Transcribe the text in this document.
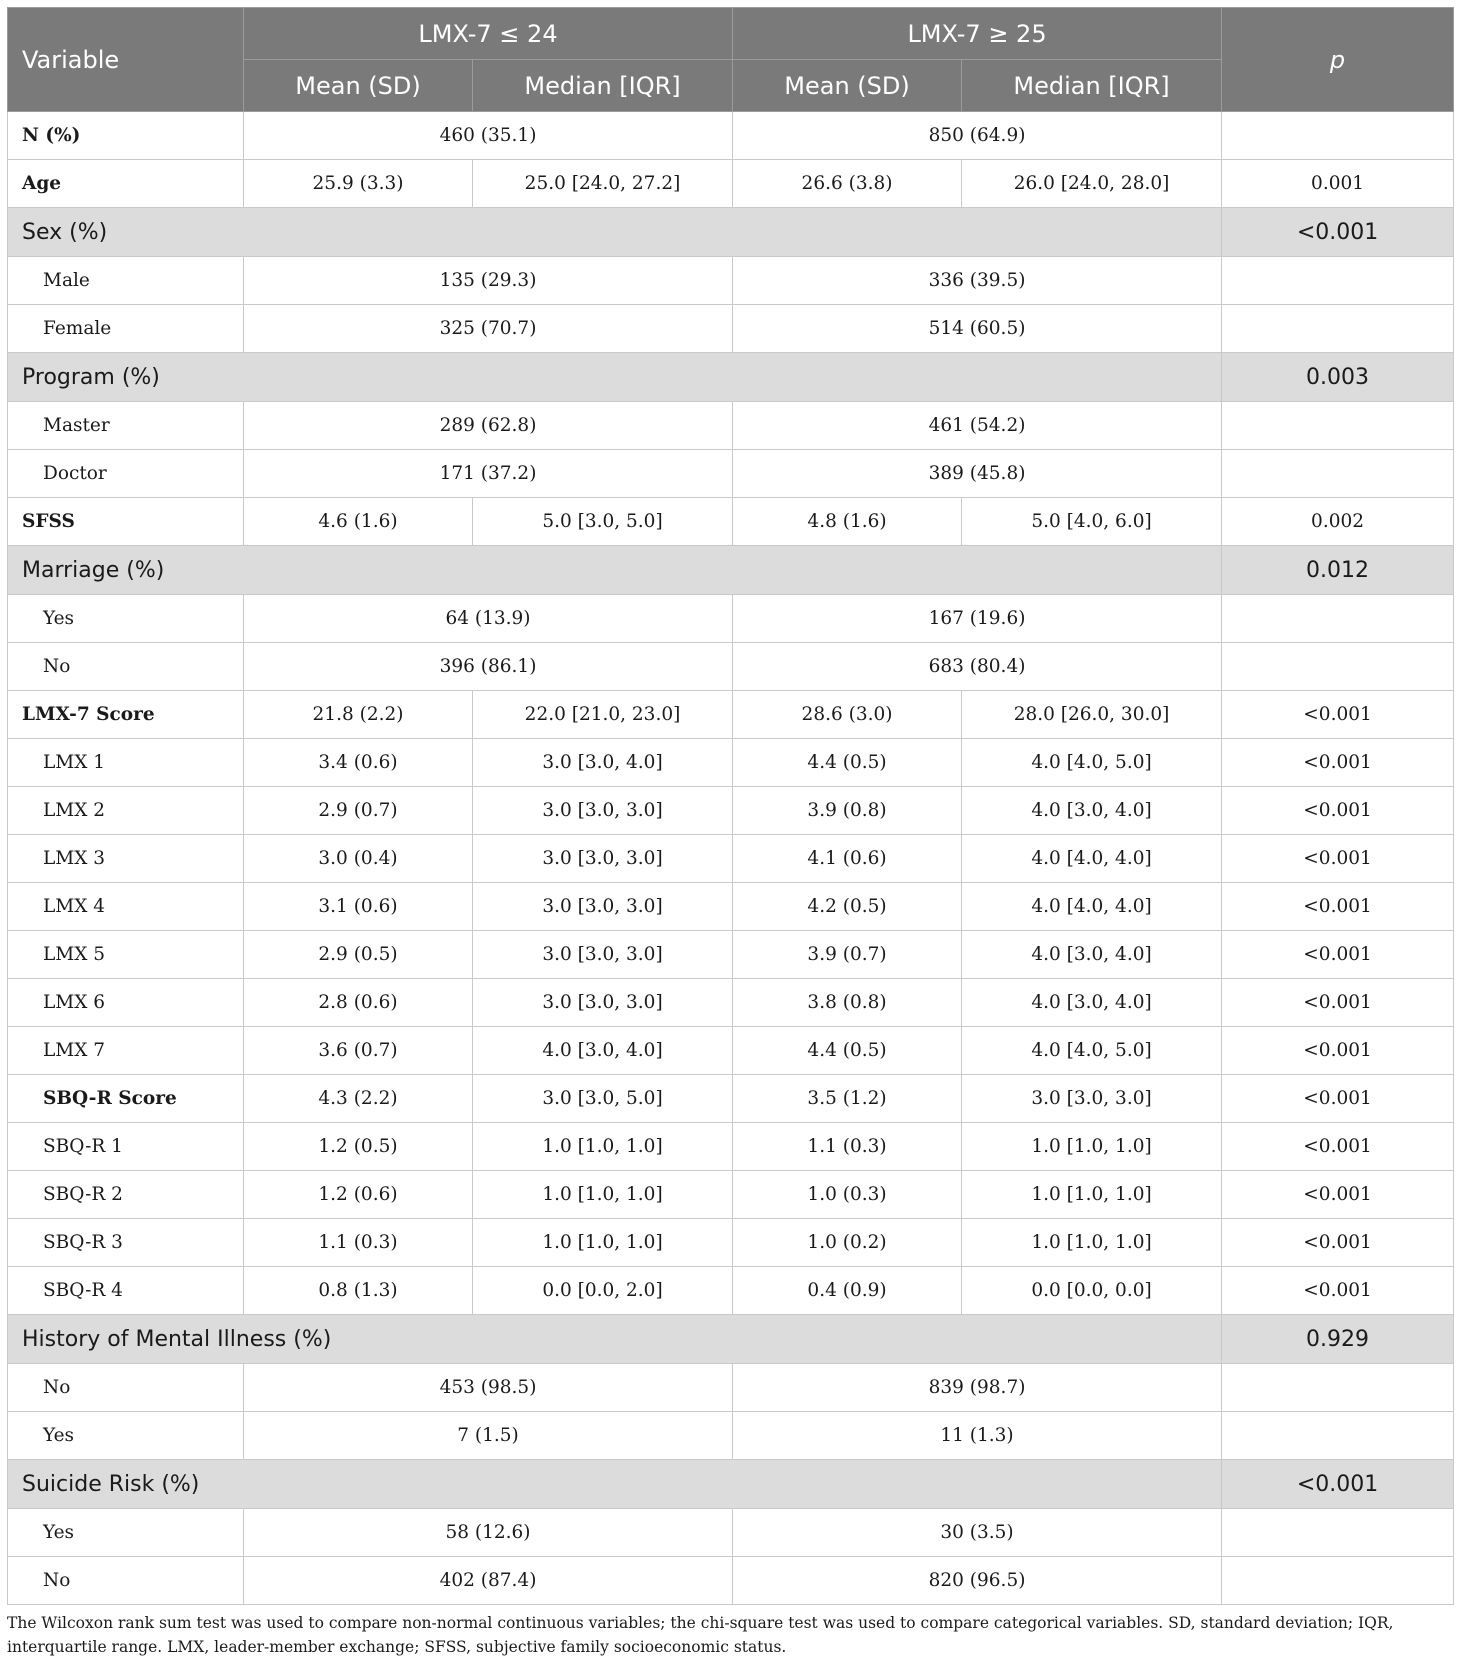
Variable	LMX-7 ≤ 24		LMX-7 ≥ 25		p
	Mean (SD)	Median [IQR]	Mean (SD)	Median [IQR]	
N (%)	460 (35.1)		850 (64.9)		
Age	25.9 (3.3)	25.0 [24.0, 27.2]	26.6 (3.8)	26.0 [24.0, 28.0]	0.001
Sex (%)					<0.001
Male	135 (29.3)		336 (39.5)		
Female	325 (70.7)		514 (60.5)		
Program (%)					0.003
Master	289 (62.8)		461 (54.2)		
Doctor	171 (37.2)		389 (45.8)		
SFSS	4.6 (1.6)	5.0 [3.0, 5.0]	4.8 (1.6)	5.0 [4.0, 6.0]	0.002
Marriage (%)					0.012
Yes	64 (13.9)		167 (19.6)		
No	396 (86.1)		683 (80.4)		
LMX-7 Score	21.8 (2.2)	22.0 [21.0, 23.0]	28.6 (3.0)	28.0 [26.0, 30.0]	<0.001
LMX 1	3.4 (0.6)	3.0 [3.0, 4.0]	4.4 (0.5)	4.0 [4.0, 5.0]	<0.001
LMX 2	2.9 (0.7)	3.0 [3.0, 3.0]	3.9 (0.8)	4.0 [3.0, 4.0]	<0.001
LMX 3	3.0 (0.4)	3.0 [3.0, 3.0]	4.1 (0.6)	4.0 [4.0, 4.0]	<0.001
LMX 4	3.1 (0.6)	3.0 [3.0, 3.0]	4.2 (0.5)	4.0 [4.0, 4.0]	<0.001
LMX 5	2.9 (0.5)	3.0 [3.0, 3.0]	3.9 (0.7)	4.0 [3.0, 4.0]	<0.001
LMX 6	2.8 (0.6)	3.0 [3.0, 3.0]	3.8 (0.8)	4.0 [3.0, 4.0]	<0.001
LMX 7	3.6 (0.7)	4.0 [3.0, 4.0]	4.4 (0.5)	4.0 [4.0, 5.0]	<0.001
SBQ-R Score	4.3 (2.2)	3.0 [3.0, 5.0]	3.5 (1.2)	3.0 [3.0, 3.0]	<0.001
SBQ-R 1	1.2 (0.5)	1.0 [1.0, 1.0]	1.1 (0.3)	1.0 [1.0, 1.0]	<0.001
SBQ-R 2	1.2 (0.6)	1.0 [1.0, 1.0]	1.0 (0.3)	1.0 [1.0, 1.0]	<0.001
SBQ-R 3	1.1 (0.3)	1.0 [1.0, 1.0]	1.0 (0.2)	1.0 [1.0, 1.0]	<0.001
SBQ-R 4	0.8 (1.3)	0.0 [0.0, 2.0]	0.4 (0.9)	0.0 [0.0, 0.0]	<0.001
History of Mental Illness (%)					0.929
No	453 (98.5)		839 (98.7)		
Yes	7 (1.5)		11 (1.3)		
Suicide Risk (%)					<0.001
Yes	58 (12.6)		30 (3.5)		
No	402 (87.4)		820 (96.5)		
The Wilcoxon rank sum test was used to compare non-normal continuous variables; the chi-square test was used to compare categorical variables. SD, standard deviation; IQR, interquartile range. LMX, leader-member exchange; SFSS, subjective family socioeconomic status.
